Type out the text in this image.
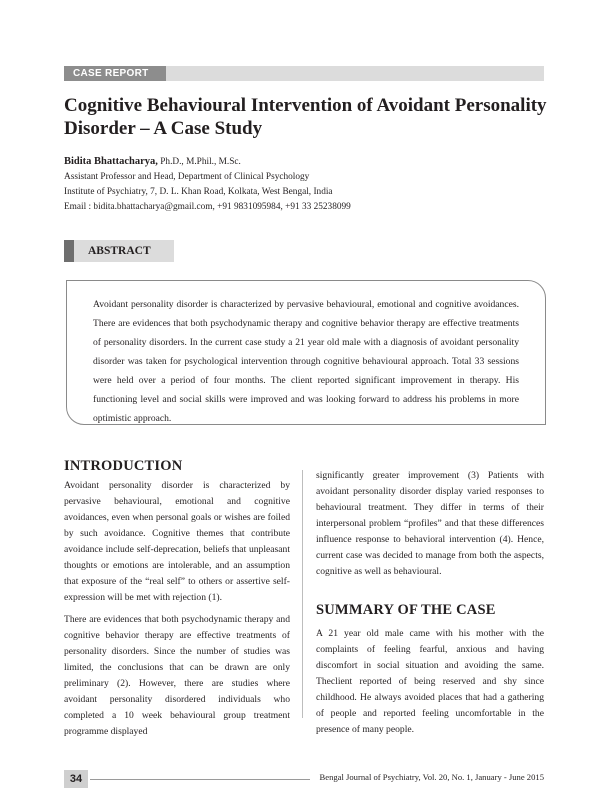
CASE REPORT
Cognitive Behavioural Intervention of Avoidant Personality Disorder – A Case Study
Bidita Bhattacharya, Ph.D., M.Phil., M.Sc.
Assistant Professor and Head, Department of Clinical Psychology
Institute of Psychiatry, 7, D. L. Khan Road, Kolkata, West Bengal, India
Email : bidita.bhattacharya@gmail.com, +91 9831095984, +91 33 25238099
ABSTRACT

Avoidant personality disorder is characterized by pervasive behavioural, emotional and cognitive avoidances. There are evidences that both psychodynamic therapy and cognitive behavior therapy are effective treatments of personality disorders. In the current case study a 21 year old male with a diagnosis of avoidant personality disorder was taken for psychological intervention through cognitive behavioural approach. Total 33 sessions were held over a period of four months. The client reported significant improvement in therapy. His functioning level and social skills were improved and was looking forward to address his problems in more optimistic approach.

INTRODUCTION

Avoidant personality disorder is characterized by pervasive behavioural, emotional and cognitive avoidances, even when personal goals or wishes are foiled by such avoidance. Cognitive themes that contribute avoidance include self-deprecation, beliefs that unpleasant thoughts or emotions are intolerable, and an assumption that exposure of the “real self” to others or assertive self-expression will be met with rejection (1).

There are evidences that both psychodynamic therapy and cognitive behavior therapy are effective treatments of personality disorders. Since the number of studies was limited, the conclusions that can be drawn are only preliminary (2). However, there are studies where avoidant personality disordered individuals who completed a 10 week behavioural group treatment programme displayed

significantly greater improvement (3) Patients with avoidant personality disorder display varied responses to behavioural treatment. They differ in terms of their interpersonal problem “profiles” and that these differences influence response to behavioral intervention (4). Hence, current case was decided to manage from both the aspects, cognitive as well as behavioural.

SUMMARY OF THE CASE

A 21 year old male came with his mother with the complaints of feeling fearful, anxious and having discomfort in social situation and avoiding the same. Theclient reported of being reserved and shy since childhood. He always avoided places that had a gathering of people and reported feeling uncomfortable in the presence of many people.

34	Bengal Journal of Psychiatry, Vol. 20, No. 1, January - June 2015
